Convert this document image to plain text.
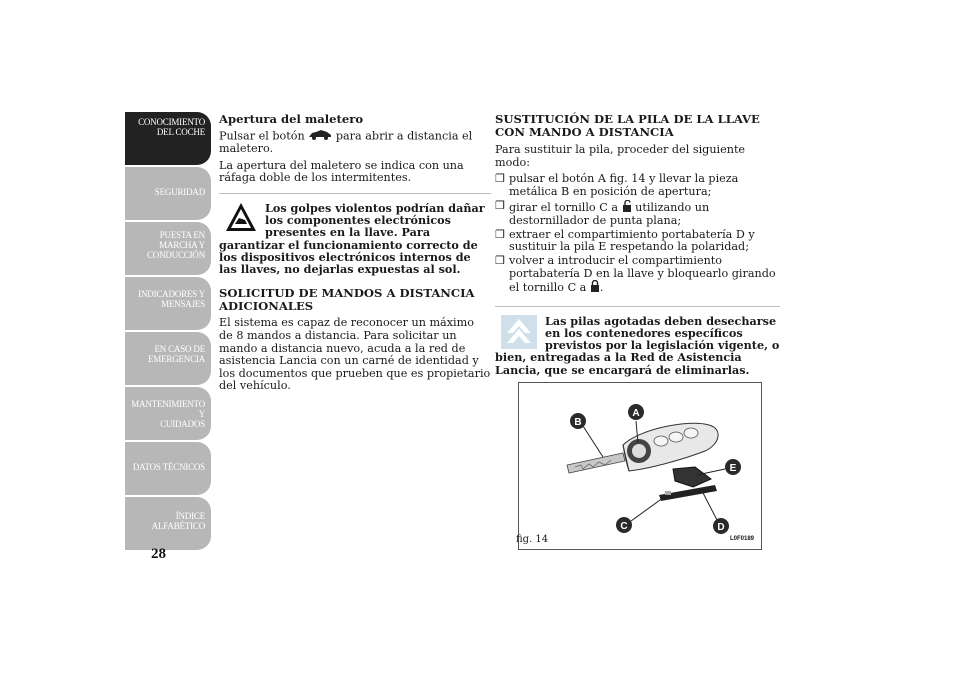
CONOCIMIENTO
DEL COCHE
SEGURIDAD
PUESTA EN
MARCHA Y
CONDUCCIÓN
INDICADORES Y
MENSAJES
EN CASO DE
EMERGENCIA
MANTENIMIENTO Y
CUIDADOS
DATOS TÉCNICOS
ÍNDICE
ALFABÉTICO
28
Apertura del maletero

Pulsar el botón	para abrir a distancia el maletero.

La apertura del maletero se indica con una ráfaga doble de los intermitentes.

Los golpes violentos podrían dañar los componentes electrónicos presentes en la llave. Para garantizar el funcionamiento correcto de los dispositivos electrónicos internos de las llaves, no dejarlas expuestas al sol.
SOLICITUD DE MANDOS A DISTANCIA ADICIONALES

El sistema es capaz de reconocer un máximo de 8 mandos a distancia. Para solicitar un mando a distancia nuevo, acuda a la red de asistencia Lancia con un carné de identidad y los documentos que prueben que es propietario del vehículo.

SUSTITUCIÓN DE LA PILA DE LA LLAVE CON MANDO A DISTANCIA

Para sustituir la pila, proceder del siguiente modo:

❒ pulsar el botón A fig. 14 y llevar la pieza metálica B en posición de apertura;
❒ girar el tornillo C a utilizando un destornillador de punta plana;
❒ extraer el compartimiento portabatería D y sustituir la pila E respetando la polaridad;
❒ volver a introducir el compartimiento portabatería D en la llave y bloquearlo girando el tornillo C a .
Las pilas agotadas deben desecharse en los contenedores específicos previstos por la legislación vigente, o bien, entregadas a la Red de Asistencia Lancia, que se encargará de eliminarlas.
A
B
C	D
E
fig. 14	L0F0189
